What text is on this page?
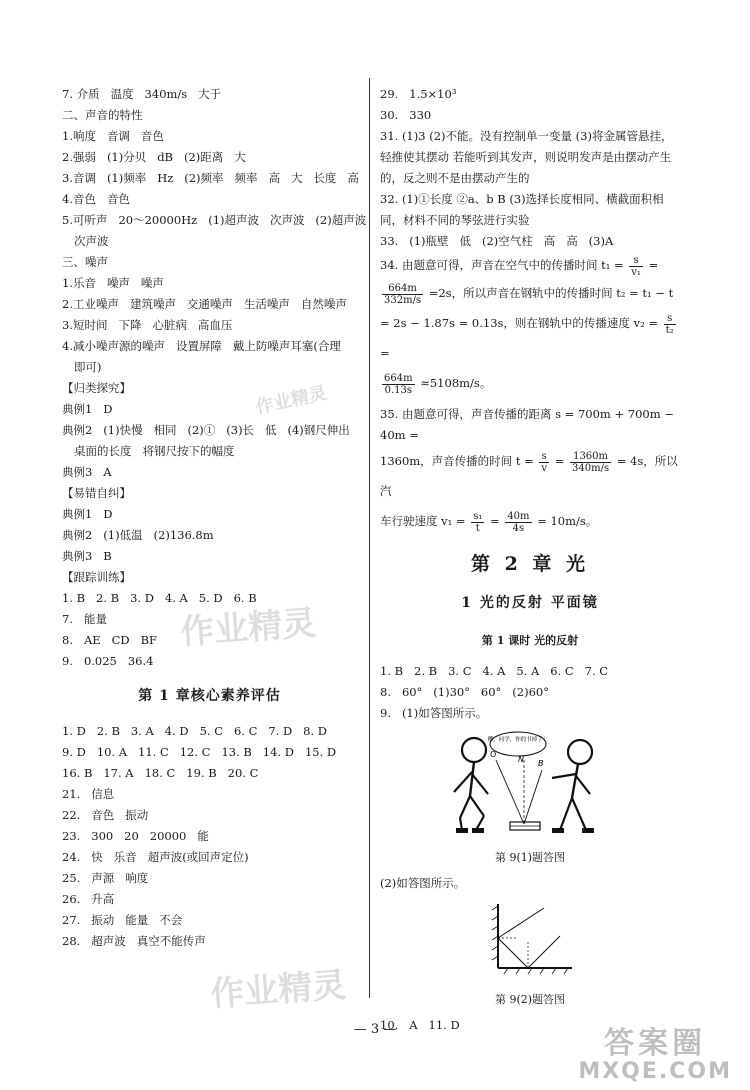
7. 介质   温度   340m/s   大于
二、声音的特性
1.响度   音调   音色
2.强弱   (1)分贝   dB   (2)距离   大
3.音调   (1)频率   Hz   (2)频率   频率   高   大   长度   高
4.音色   音色
5.可听声   20～20000Hz   (1)超声波   次声波   (2)超声波
次声波
三、噪声
1.乐音   噪声   噪声
2.工业噪声   建筑噪声   交通噪声   生活噪声   自然噪声
3.短时间   下降   心脏病   高血压
4.减小噪声源的噪声   设置屏障   戴上防噪声耳塞(合理
即可)
【归类探究】
典例1   D
典例2   (1)快慢   相同   (2)①   (3)长   低   (4)钢尺伸出
桌面的长度   将钢尺按下的幅度
典例3   A
【易错自纠】
典例1   D
典例2   (1)低温   (2)136.8m
典例3   B
【跟踪训练】
1. B   2. B   3. D   4. A   5. D   6. B
7.   能量
8.   AE   CD   BF
9.   0.025   36.4
第 1 章核心素养评估
1. D   2. B   3. A   4. D   5. C   6. C   7. D   8. D
9. D   10. A   11. C   12. C   13. B   14. D   15. D
16. B   17. A   18. C   19. B   20. C
21.   信息
22.   音色   振动
23.   300   20   20000   能
24.   快   乐音   超声波(或回声定位)
25.   声源   响度
26.   升高
27.   振动   能量   不会
28.   超声波   真空不能传声
29.   1.5×10³
30.   330
31. (1)3 (2)不能。没有控制单一变量 (3)将金属管悬挂，轻推使其摆动 若能听到其发声，则说明发声是由摆动产生的，反之则不是由摆动产生的
32. (1)①长度 ②a、b B (3)选择长度相同、横截面积相同，材料不同的琴弦进行实验
33.   (1)瓶壁   低   (2)空气柱   高   高   (3)A
34. 由题意可得，声音在空气中的传播时间 $t_1 = \frac{s}{\text{v₁}}$ =
$\frac{664m}{332m/s} =2s$，所以声音在钢轨中的传播时间 t₂ = t₁ − t
= 2s − 1.87s = 0.13s，则在钢轨中的传播速度 $v_2 = \frac{s}{\text{t₂}}$
=
$\frac{664m}{0.13s} \approx 5108m/s$。
35. 由题意可得，声音传播的距离 s = 700m + 700m − 40m =
1360m，声音传播的时间 $t = \frac{s}{v} = \frac{1360m}{340m/s} = 4s$，所以汽
车行驶速度 $v_1 = \frac{\text{s₁}}{t} = \frac{40m}{4s} = 10m/s$。
第 2 章 光
1 光的反射 平面镜
第 1 课时 光的反射
1. B   2. B   3. C   4. A   5. A   6. C   7. C
8.   60°   (1)30°   60°   (2)60°
9.   (1)如答图所示。
O
糟，同学，你的书掉了！
N B
第 9(1)题答图
(2)如答图所示。
第 9(2)题答图
10.   A   11. D
— 3 —
作业精灵
作业精灵
作业精灵
答案圈
MXQE.COM
